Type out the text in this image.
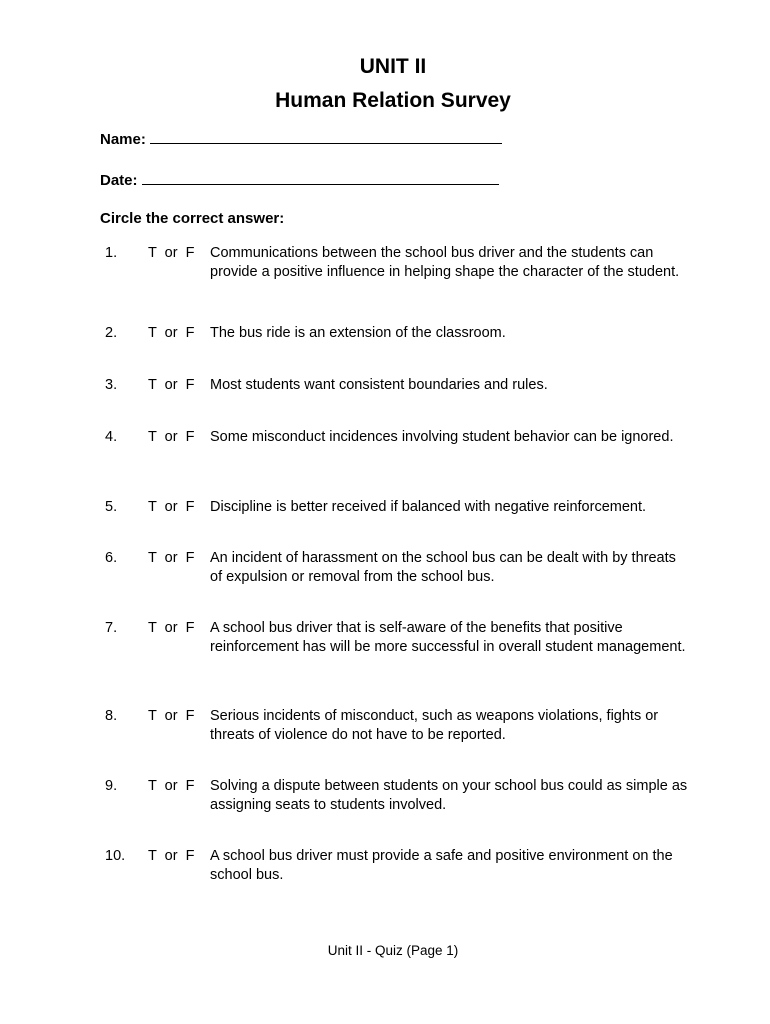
UNIT II
Human Relation Survey
Name:
Date:
Circle the correct answer:
1. T  or  F Communications between the school bus driver and the students can provide a positive influence in helping shape the character of the student.
2. T  or  F The bus ride is an extension of the classroom.
3. T  or  F Most students want consistent boundaries and rules.
4. T  or  F Some misconduct incidences involving student behavior can be ignored.
5. T  or  F Discipline is better received if balanced with negative reinforcement.
6. T  or  F An incident of harassment on the school bus can be dealt with by threats of expulsion or removal from the school bus.
7. T  or  F A school bus driver that is self-aware of the benefits that positive reinforcement has will be more successful in overall student management.
8. T  or  F Serious incidents of misconduct, such as weapons violations, fights or threats of violence do not have to be reported.
9. T  or  F Solving a dispute between students on your school bus could as simple as assigning seats to students involved.
10. T  or  F A school bus driver must provide a safe and positive environment on the school bus.
Unit II - Quiz (Page 1)
